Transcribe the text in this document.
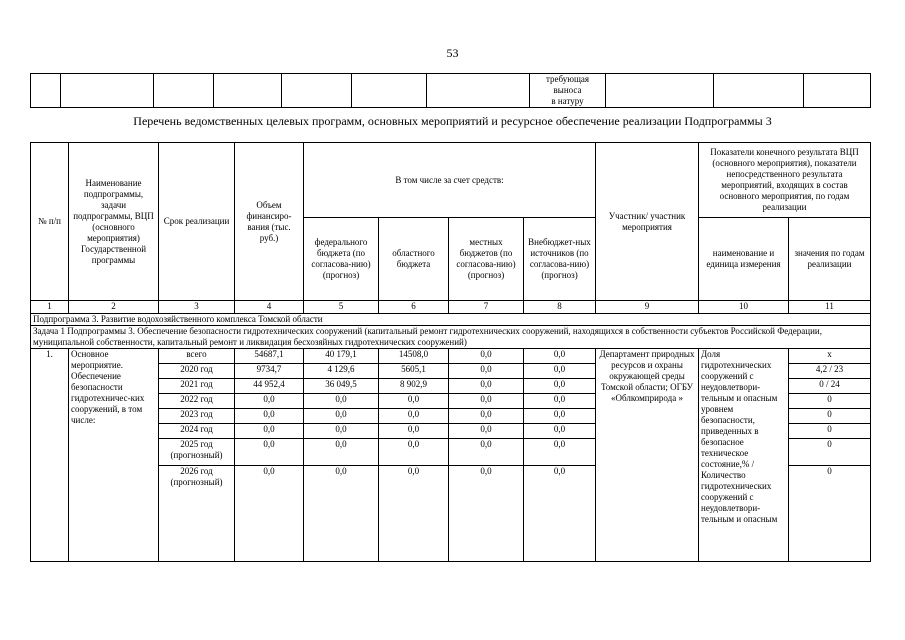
53
							требующая выноса
в натуру			
Перечень ведомственных целевых программ, основных мероприятий и ресурсное обеспечение реализации Подпрограммы 3
№ п/п	Наименование подпрограммы, задачи подпрограммы, ВЦП (основного мероприятия) Государственной программы	Срок реализации	Объем финансиро-вания (тыс. руб.)	В том числе за счет средств:				Участник/ участник мероприятия	Показатели конечного результата ВЦП (основного мероприятия), показатели непосредственного результата мероприятий, входящих в состав основного мероприятия, по годам реализации	
				федерального бюджета (по согласова-нию) (прогноз)	областного бюджета	местных бюджетов (по согласова-нию) (прогноз)	Внебюджет-ных источников (по согласова-нию) (прогноз)		наименование и единица измерения	значения по годам реализации
1	2	3	4	5	6	7	8	9	10	11
Подпрограмма 3. Развитие водохозяйственного комплекса Томской области										
Задача 1 Подпрограммы 3. Обеспечение безопасности гидротехнических сооружений (капитальный ремонт гидротехнических сооружений, находящихся в собственности субъектов Российской Федерации, муниципальной собственности, капитальный ремонт и ликвидация бесхозяйных гидротехнических сооружений)										
1.	Основное мероприятие. Обеспечение безопасности гидротехничес-ких сооружений, в том числе:	всего	54687,1	40 179,1	14508,0	0,0	0,0	Департамент природных ресурсов и охраны окружающей среды Томской области; ОГБУ «Облкомприрода »	Доля гидротехнических сооружений с неудовлетвори-тельным и опасным уровнем безопасности, приведенных в безопасное техническое состояние,% / Количество гидротехнических сооружений с неудовлетвори-тельным и опасным	x
		2020 год	9734,7	4 129,6	5605,1	0,0	0,0			4,2 / 23
		2021 год	44 952,4	36 049,5	8 902,9	0,0	0,0			0 / 24
		2022 год	0,0	0,0	0,0	0,0	0,0			0
		2023 год	0,0	0,0	0,0	0,0	0,0			0
		2024 год	0,0	0,0	0,0	0,0	0,0			0
		2025 год (прогнозный)	0,0	0,0	0,0	0,0	0,0			0
		2026 год (прогнозный)	0,0	0,0	0,0	0,0	0,0			0
